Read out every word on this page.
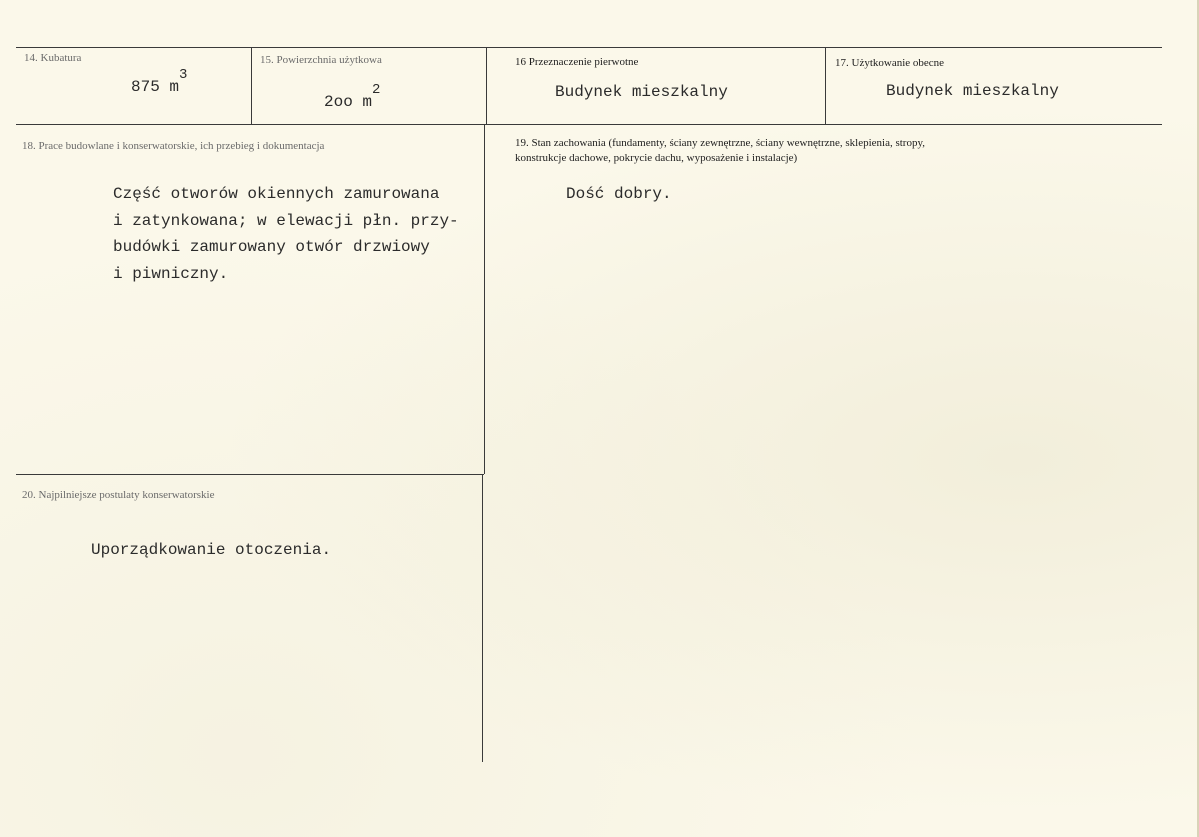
14. Kubatura
875 m3
15. Powierzchnia użytkowa
2oo m2
16 Przeznaczenie pierwotne
Budynek mieszkalny
17. Użytkowanie obecne
Budynek mieszkalny
18. Prace budowlane i konserwatorskie, ich przebieg i dokumentacja
Część otworów okiennych zamurowana
i zatynkowana; w elewacji płn. przy-
budówki zamurowany otwór drzwiowy
i piwniczny.
19. Stan zachowania (fundamenty, ściany zewnętrzne, ściany wewnętrzne, sklepienia, stropy,
konstrukcje dachowe, pokrycie dachu, wyposażenie i instalacje)
Dość dobry.
20. Najpilniejsze postulaty konserwatorskie
Uporządkowanie otoczenia.
